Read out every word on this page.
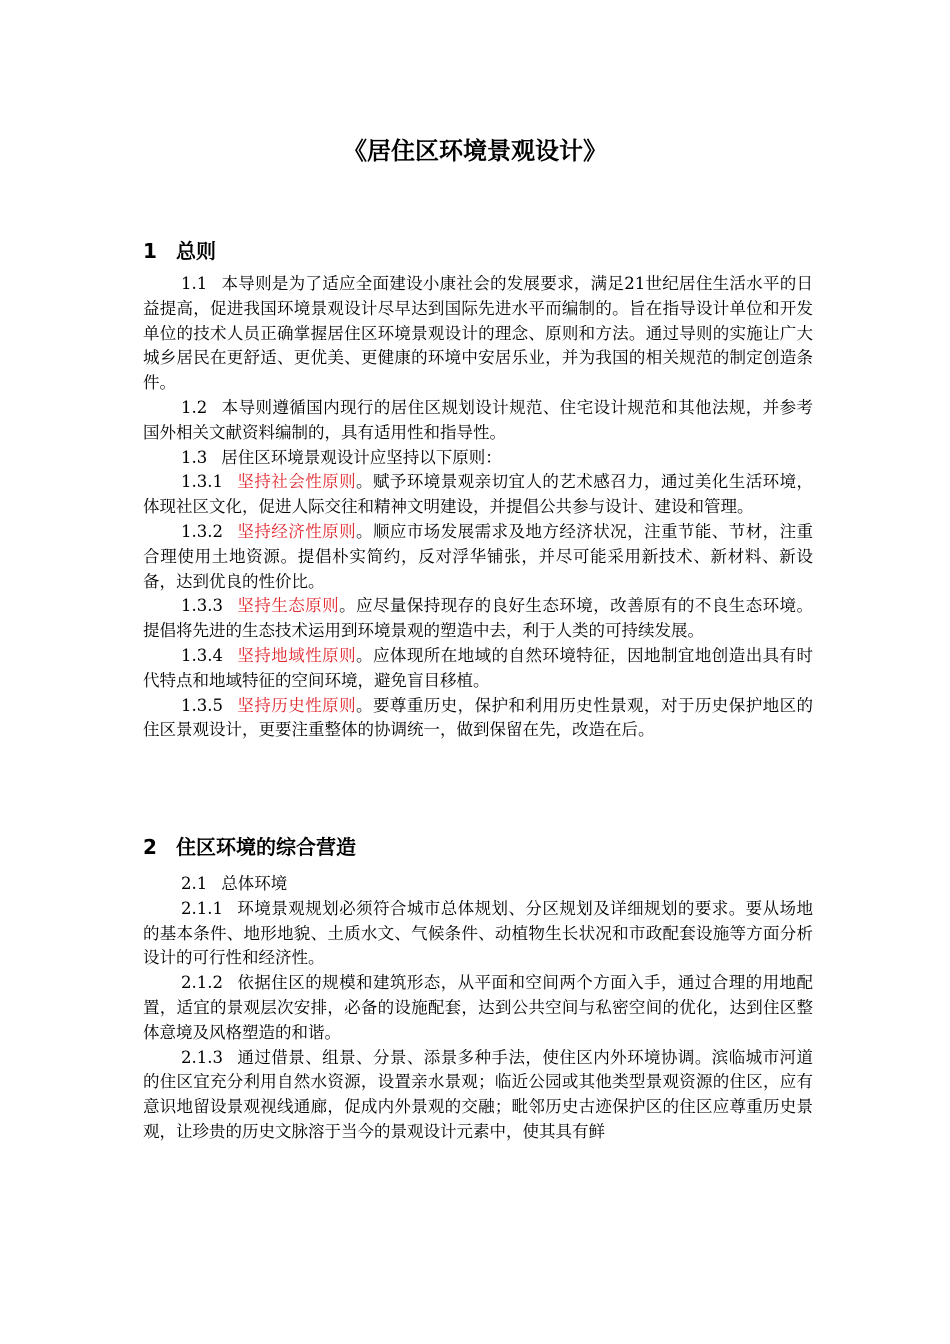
《居住区环境景观设计》
1 总则

1.1 本导则是为了适应全面建设小康社会的发展要求，满足21世纪居住生活水平的日益提高，促进我国环境景观设计尽早达到国际先进水平而编制的。旨在指导设计单位和开发单位的技术人员正确掌握居住区环境景观设计的理念、原则和方法。通过导则的实施让广大城乡居民在更舒适、更优美、更健康的环境中安居乐业，并为我国的相关规范的制定创造条件。

1.2 本导则遵循国内现行的居住区规划设计规范、住宅设计规范和其他法规，并参考国外相关文献资料编制的，具有适用性和指导性。

1.3 居住区环境景观设计应坚持以下原则：

1.3.1 坚持社会性原则。赋予环境景观亲切宜人的艺术感召力，通过美化生活环境，体现社区文化，促进人际交往和精神文明建设，并提倡公共参与设计、建设和管理。

1.3.2 坚持经济性原则。顺应市场发展需求及地方经济状况，注重节能、节材，注重合理使用土地资源。提倡朴实简约，反对浮华铺张，并尽可能采用新技术、新材料、新设备，达到优良的性价比。

1.3.3 坚持生态原则。应尽量保持现存的良好生态环境，改善原有的不良生态环境。提倡将先进的生态技术运用到环境景观的塑造中去，利于人类的可持续发展。

1.3.4 坚持地域性原则。应体现所在地域的自然环境特征，因地制宜地创造出具有时代特点和地域特征的空间环境，避免盲目移植。

1.3.5 坚持历史性原则。要尊重历史，保护和利用历史性景观，对于历史保护地区的住区景观设计，更要注重整体的协调统一，做到保留在先，改造在后。

2 住区环境的综合营造

2.1 总体环境

2.1.1 环境景观规划必须符合城市总体规划、分区规划及详细规划的要求。要从场地的基本条件、地形地貌、土质水文、气候条件、动植物生长状况和市政配套设施等方面分析设计的可行性和经济性。

2.1.2 依据住区的规模和建筑形态，从平面和空间两个方面入手，通过合理的用地配置，适宜的景观层次安排，必备的设施配套，达到公共空间与私密空间的优化，达到住区整体意境及风格塑造的和谐。

2.1.3 通过借景、组景、分景、添景多种手法，使住区内外环境协调。滨临城市河道的住区宜充分利用自然水资源，设置亲水景观；临近公园或其他类型景观资源的住区，应有意识地留设景观视线通廊，促成内外景观的交融；毗邻历史古迹保护区的住区应尊重历史景观，让珍贵的历史文脉溶于当今的景观设计元素中，使其具有鲜
